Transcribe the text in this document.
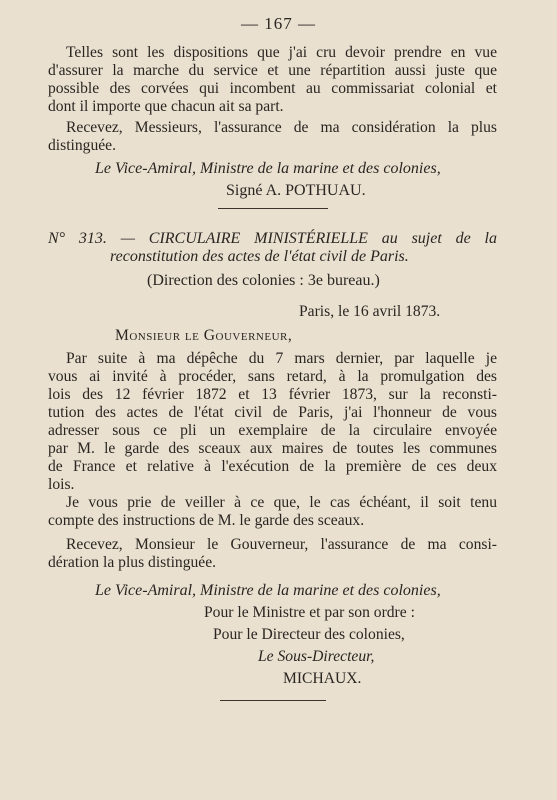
— 167 —
Telles sont les dispositions que j'ai cru devoir prendre en vue
d'assurer la marche du service et une répartition aussi juste que
possible des corvées qui incombent au commissariat colonial et
dont il importe que chacun ait sa part.
Recevez, Messieurs, l'assurance de ma considération la plus
distinguée.
Le Vice-Amiral, Ministre de la marine et des colonies,
Signé A. POTHUAU.
N° 313. — CIRCULAIRE MINISTÉRIELLE au sujet de la
reconstitution des actes de l'état civil de Paris.
(Direction des colonies : 3e bureau.)
Paris, le 16 avril 1873.
Monsieur le Gouverneur,
Par suite à ma dépêche du 7 mars dernier, par laquelle je
vous ai invité à procéder, sans retard, à la promulgation des
lois des 12 février 1872 et 13 février 1873, sur la reconsti-
tution des actes de l'état civil de Paris, j'ai l'honneur de vous
adresser sous ce pli un exemplaire de la circulaire envoyée
par M. le garde des sceaux aux maires de toutes les communes
de France et relative à l'exécution de la première de ces deux
lois.
Je vous prie de veiller à ce que, le cas échéant, il soit tenu
compte des instructions de M. le garde des sceaux.
Recevez, Monsieur le Gouverneur, l'assurance de ma consi-
dération la plus distinguée.
Le Vice-Amiral, Ministre de la marine et des colonies,
Pour le Ministre et par son ordre :
Pour le Directeur des colonies,
Le Sous-Directeur,
MICHAUX.
